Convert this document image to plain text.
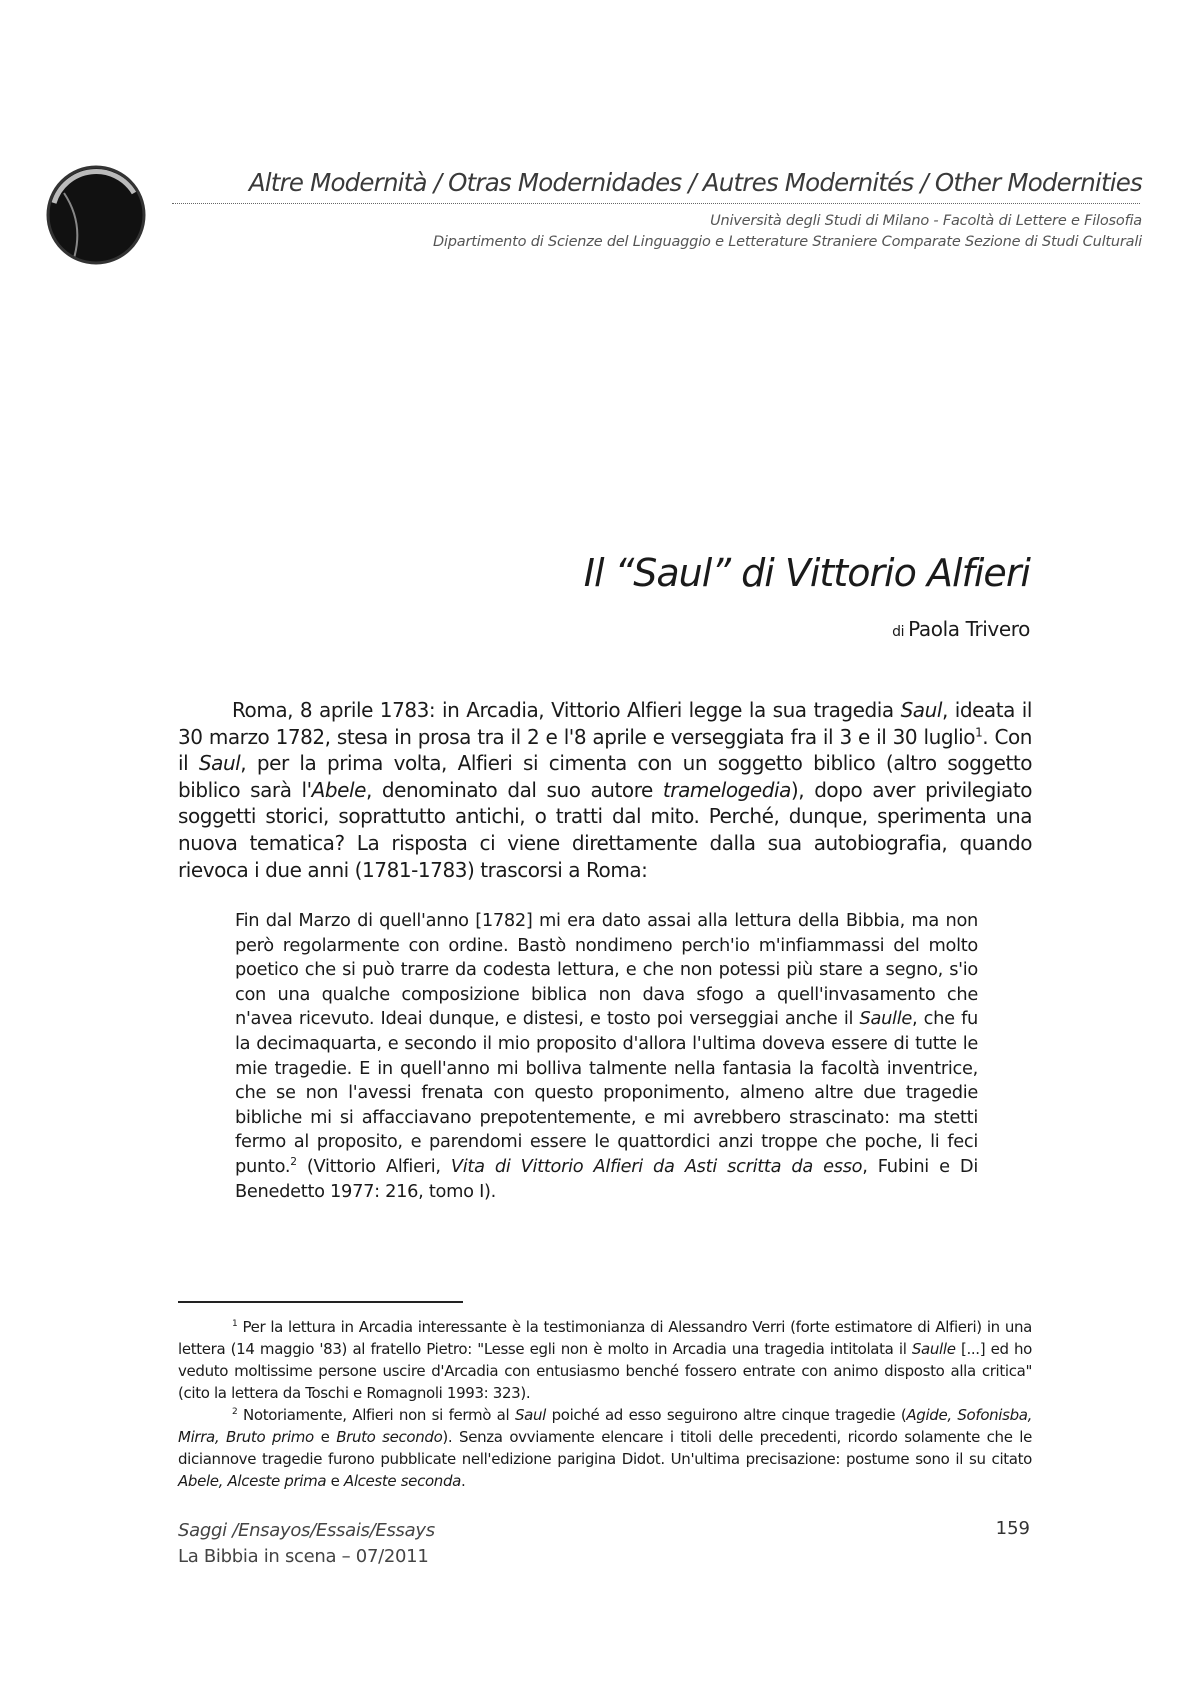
Altre Modernità / Otras Modernidades / Autres Modernités / Other Modernities
Università degli Studi di Milano - Facoltà di Lettere e Filosofia
Dipartimento di Scienze del Linguaggio e Letterature Straniere Comparate Sezione di Studi Culturali
Il “Saul” di Vittorio Alfieri
di Paola Trivero

Roma, 8 aprile 1783: in Arcadia, Vittorio Alfieri legge la sua tragedia Saul, ideata il 30 marzo 1782, stesa in prosa tra il 2 e l'8 aprile e verseggiata fra il 3 e il 30 luglio$^1$. Con il Saul, per la prima volta, Alfieri si cimenta con un soggetto biblico (altro soggetto biblico sarà l'Abele, denominato dal suo autore tramelogedia), dopo aver privilegiato soggetti storici, soprattutto antichi, o tratti dal mito. Perché, dunque, sperimenta una nuova tematica? La risposta ci viene direttamente dalla sua autobiografia, quando rievoca i due anni (1781-1783) trascorsi a Roma:

Fin dal Marzo di quell'anno [1782] mi era dato assai alla lettura della Bibbia, ma non però regolarmente con ordine. Bastò nondimeno perch'io m'infiammassi del molto poetico che si può trarre da codesta lettura, e che non potessi più stare a segno, s'io con una qualche composizione biblica non dava sfogo a quell'invasamento che n'avea ricevuto. Ideai dunque, e distesi, e tosto poi verseggiai anche il Saulle, che fu la decimaquarta, e secondo il mio proposito d'allora l'ultima doveva essere di tutte le mie tragedie. E in quell'anno mi bolliva talmente nella fantasia la facoltà inventrice, che se non l'avessi frenata con questo proponimento, almeno altre due tragedie bibliche mi si affacciavano prepotentemente, e mi avrebbero strascinato: ma stetti fermo al proposito, e parendomi essere le quattordici anzi troppe che poche, li feci punto.$^2$ (Vittorio Alfieri, Vita di Vittorio Alfieri da Asti scritta da esso, Fubini e Di Benedetto 1977: 216, tomo I).

$^1$ Per la lettura in Arcadia interessante è la testimonianza di Alessandro Verri (forte estimatore di Alfieri) in una lettera (14 maggio '83) al fratello Pietro: "Lesse egli non è molto in Arcadia una tragedia intitolata il Saulle [...] ed ho veduto moltissime persone uscire d'Arcadia con entusiasmo benché fossero entrate con animo disposto alla critica" (cito la lettera da Toschi e Romagnoli 1993: 323).

$^2$ Notoriamente, Alfieri non si fermò al Saul poiché ad esso seguirono altre cinque tragedie (Agide, Sofonisba, Mirra, Bruto primo e Bruto secondo). Senza ovviamente elencare i titoli delle precedenti, ricordo solamente che le diciannove tragedie furono pubblicate nell'edizione parigina Didot. Un'ultima precisazione: postume sono il su citato Abele, Alceste prima e Alceste seconda.

Saggi /Ensayos/Essais/Essays
La Bibbia in scena – 07/2011
159
